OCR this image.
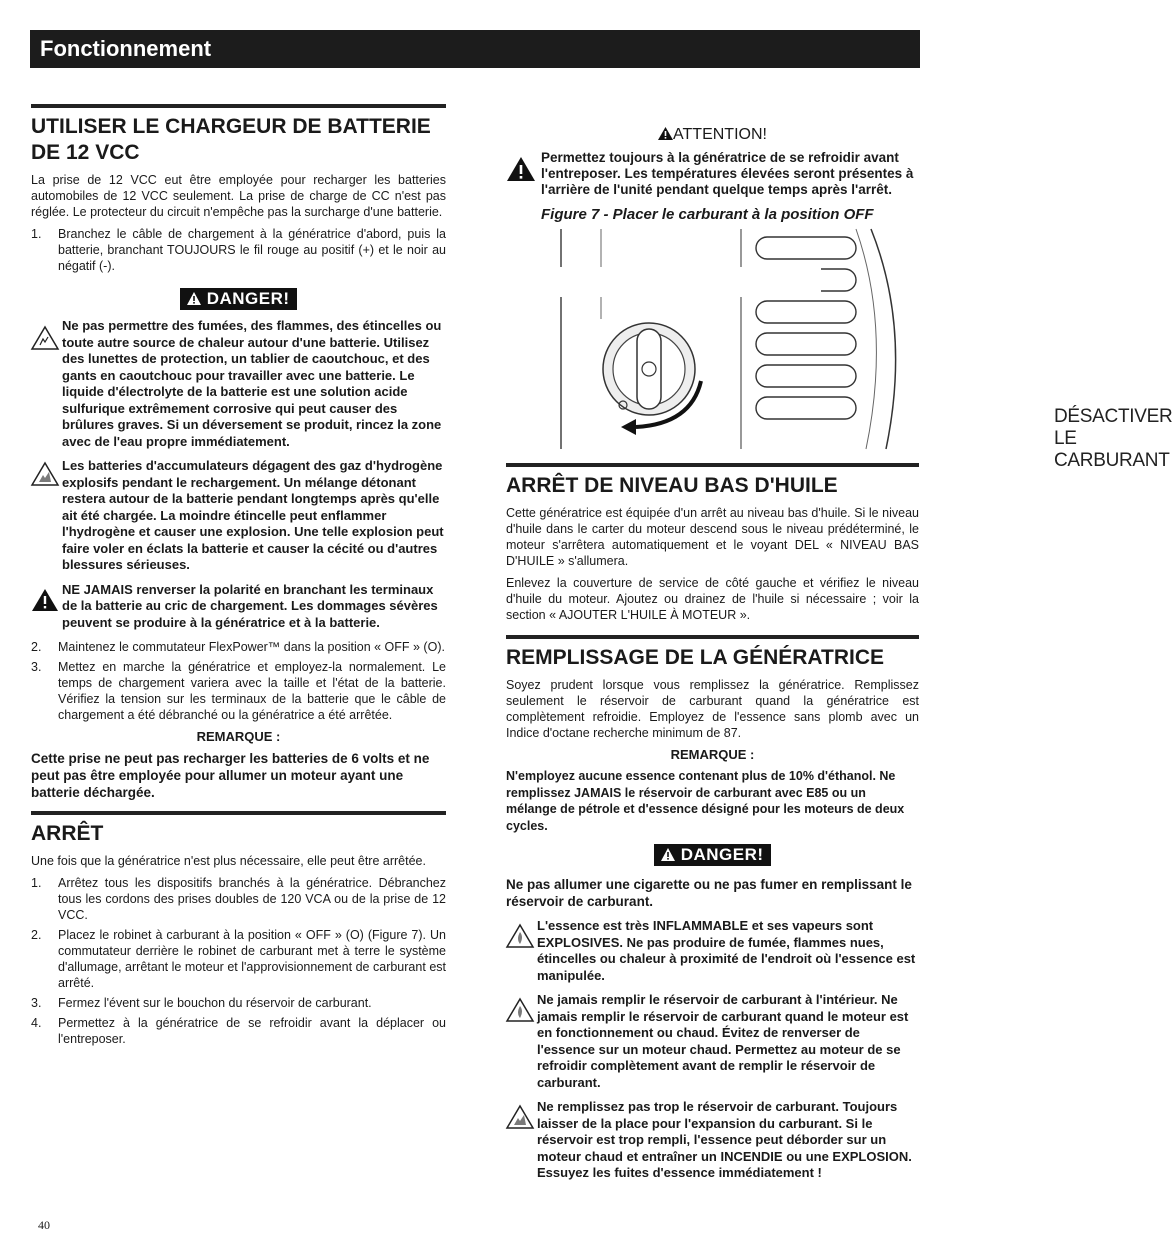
Fonctionnement
UTILISER LE CHARGEUR DE BATTERIE DE 12 VCC

La prise de 12 VCC eut être employée pour recharger les batteries automobiles de 12 VCC seulement. La prise de charge de CC n'est pas réglée. Le protecteur du circuit n'empêche pas la surcharge d'une batterie.

1. Branchez le câble de chargement à la génératrice d'abord, puis la batterie, branchant TOUJOURS le fil rouge au positif (+) et le noir au négatif (-).
DANGER!
Ne pas permettre des fumées, des flammes, des étincelles ou toute autre source de chaleur autour d'une batterie. Utilisez des lunettes de protection, un tablier de caoutchouc, et des gants en caoutchouc pour travailler avec une batterie. Le liquide d'électrolyte de la batterie est une solution acide sulfurique extrêmement corrosive qui peut causer des brûlures graves. Si un déversement se produit, rincez la zone avec de l'eau propre immédiatement.
Les batteries d'accumulateurs dégagent des gaz d'hydrogène explosifs pendant le rechargement. Un mélange détonant restera autour de la batterie pendant longtemps après qu'elle ait été chargée. La moindre étincelle peut enflammer l'hydrogène et causer une explosion. Une telle explosion peut faire voler en éclats la batterie et causer la cécité ou d'autres blessures sérieuses.
NE JAMAIS renverser la polarité en branchant les terminaux de la batterie au cric de chargement. Les dommages sévères peuvent se produire à la génératrice et à la batterie.
2. Maintenez le commutateur FlexPower™ dans la position « OFF » (O).
3. Mettez en marche la génératrice et employez-la normalement. Le temps de chargement variera avec la taille et l'état de la batterie. Vérifiez la tension sur les terminaux de la batterie que le câble de chargement a été débranché ou la génératrice a été arrêtée.
REMARQUE :
Cette prise ne peut pas recharger les batteries de 6 volts et ne peut pas être employée pour allumer un moteur ayant une batterie déchargée.
ARRÊT

Une fois que la génératrice n'est plus nécessaire, elle peut être arrêtée.

1. Arrêtez tous les dispositifs branchés à la génératrice. Débranchez tous les cordons des prises doubles de 120 VCA ou de la prise de 12 VCC.
2. Placez le robinet à carburant à la position « OFF » (O) (Figure 7). Un commutateur derrière le robinet de carburant met à terre le système d'allumage, arrêtant le moteur et l'approvisionnement de carburant est arrêté.
3. Fermez l'évent sur le bouchon du réservoir de carburant.
4. Permettez à la génératrice de se refroidir avant la déplacer ou l'entreposer.
ATTENTION!
Permettez toujours à la génératrice de se refroidir avant l'entreposer. Les températures élevées seront présentes à l'arrière de l'unité pendant quelque temps après l'arrêt.
Figure 7 - Placer le carburant à la position OFF
DÉSACTIVER LE CARBURANT
ARRÊT DE NIVEAU BAS D'HUILE

Cette génératrice est équipée d'un arrêt au niveau bas d'huile. Si le niveau d'huile dans le carter du moteur descend sous le niveau prédéterminé, le moteur s'arrêtera automatiquement et le voyant DEL « NIVEAU BAS D'HUILE » s'allumera.

Enlevez la couverture de service de côté gauche et vérifiez le niveau d'huile du moteur. Ajoutez ou drainez de l'huile si nécessaire ; voir la section « AJOUTER L'HUILE À MOTEUR ».

REMPLISSAGE DE LA GÉNÉRATRICE

Soyez prudent lorsque vous remplissez la génératrice. Remplissez seulement le réservoir de carburant quand la génératrice est complètement refroidie. Employez de l'essence sans plomb avec un Indice d'octane recherche minimum de 87.

REMARQUE :
N'employez aucune essence contenant plus de 10% d'éthanol. Ne remplissez JAMAIS le réservoir de carburant avec E85 ou un mélange de pétrole et d'essence désigné pour les moteurs de deux cycles.
DANGER!
Ne pas allumer une cigarette ou ne pas fumer en remplissant le réservoir de carburant.
L'essence est très INFLAMMABLE et ses vapeurs sont EXPLOSIVES. Ne pas produire de fumée, flammes nues, étincelles ou chaleur à proximité de l'endroit où l'essence est manipulée.
Ne jamais remplir le réservoir de carburant à l'intérieur. Ne jamais remplir le réservoir de carburant quand le moteur est en fonctionnement ou chaud. Évitez de renverser de l'essence sur un moteur chaud. Permettez au moteur de se refroidir complètement avant de remplir le réservoir de carburant.
Ne remplissez pas trop le réservoir de carburant. Toujours laisser de la place pour l'expansion du carburant. Si le réservoir est trop rempli, l'essence peut déborder sur un moteur chaud et entraîner un INCENDIE ou une EXPLOSION. Essuyez les fuites d'essence immédiatement !
40
